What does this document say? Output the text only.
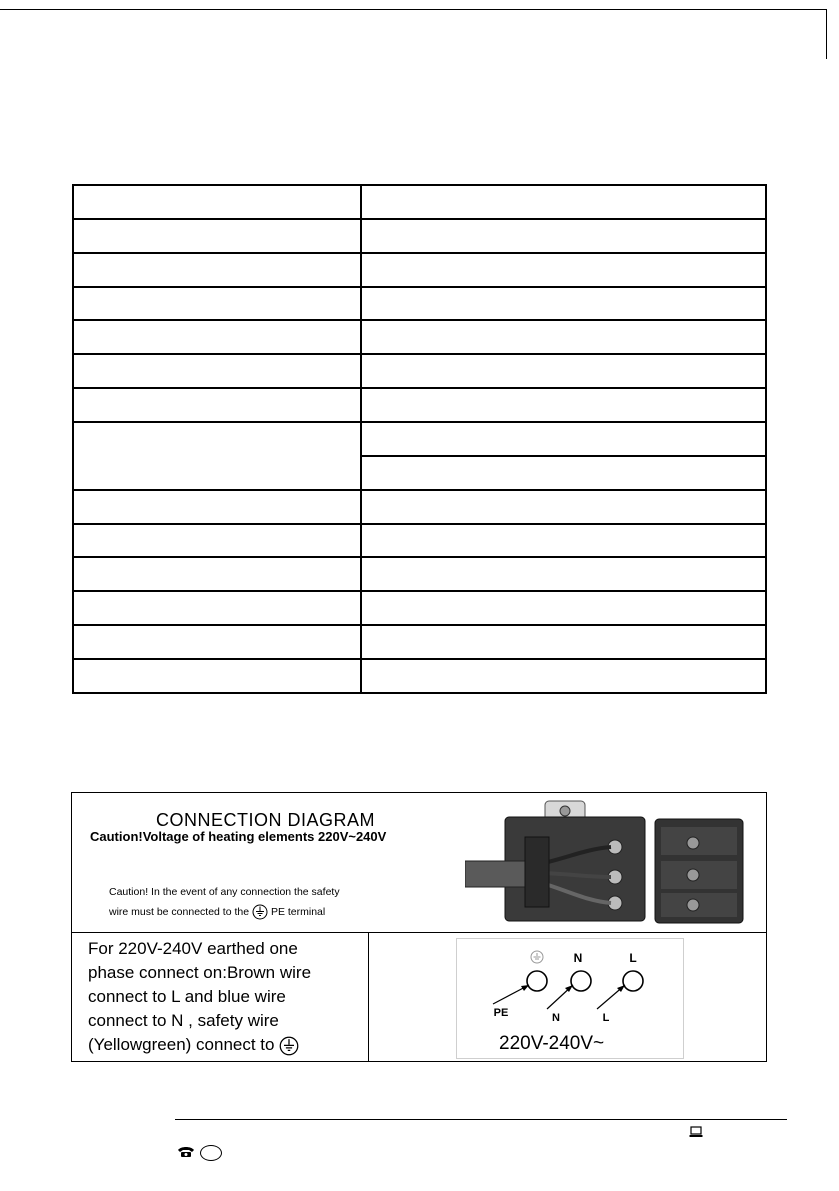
CONNECTION DIAGRAM
Caution!Voltage of heating elements 220V~240V
Caution! In the event of any connection the safety
wire must be connected to the PE terminal
For 220V-240V earthed one
phase connect on:Brown wire
connect to L and blue wire
connect to N , safety wire
(Yellowgreen) connect to
N	L
PE	N	L
220V-240V~
